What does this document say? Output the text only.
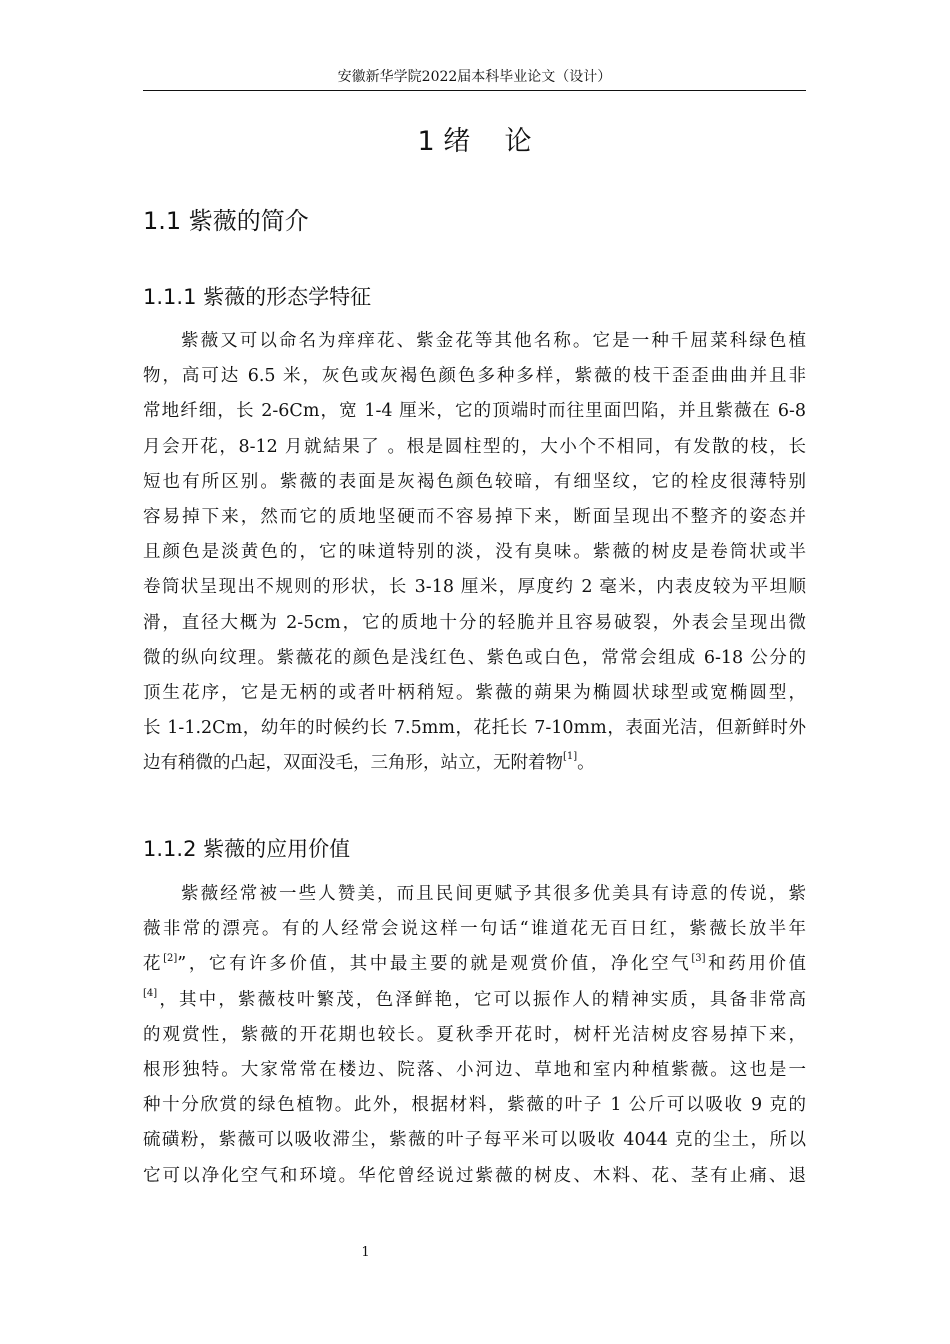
安徽新华学院2022届本科毕业论文（设计）
1 绪    论
1.1 紫薇的简介
1.1.1 紫薇的形态学特征
紫薇又可以命名为痒痒花、紫金花等其他名称。它是一种千屈菜科绿色植
物，高可达 6.5 米，灰色或灰褐色颜色多种多样，紫薇的枝干歪歪曲曲并且非
常地纤细，长 2-6Cm，宽 1-4 厘米，它的顶端时而往里面凹陷，并且紫薇在 6-8
月会开花，8-12 月就結果了 。根是圆柱型的，大小个不相同，有发散的枝，长
短也有所区别。紫薇的表面是灰褐色颜色较暗，有细坚纹，它的栓皮很薄特别
容易掉下来，然而它的质地坚硬而不容易掉下来，断面呈现出不整齐的姿态并
且颜色是淡黄色的，它的味道特别的淡，没有臭味。紫薇的树皮是卷筒状或半
卷筒状呈现出不规则的形状，长 3-18 厘米，厚度约 2 毫米，内表皮较为平坦顺
滑，直径大概为 2-5cm，它的质地十分的轻脆并且容易破裂，外表会呈现出微
微的纵向纹理。紫薇花的颜色是浅红色、紫色或白色，常常会组成 6-18 公分的
顶生花序，它是无柄的或者叶柄稍短。紫薇的蒴果为椭圆状球型或宽椭圆型，
长 1-1.2Cm，幼年的时候约长 7.5mm，花托长 7-10mm，表面光洁，但新鲜时外
边有稍微的凸起，双面没毛，三角形，站立，无附着物[1]。
1.1.2 紫薇的应用价值
紫薇经常被一些人赞美，而且民间更赋予其很多优美具有诗意的传说，紫
薇非常的漂亮。有的人经常会说这样一句话“谁道花无百日红，紫薇长放半年
花[2]”，它有许多价值，其中最主要的就是观赏价值，净化空气[3]和药用价值
[4]，其中，紫薇枝叶繁茂，色泽鲜艳，它可以振作人的精神实质，具备非常高
的观赏性，紫薇的开花期也较长。夏秋季开花时，树杆光洁树皮容易掉下来，
根形独特。大家常常在楼边、院落、小河边、草地和室内种植紫薇。这也是一
种十分欣赏的绿色植物。此外，根据材料，紫薇的叶子 1 公斤可以吸收 9 克的
硫磺粉，紫薇可以吸收滞尘，紫薇的叶子每平米可以吸收 4044 克的尘土，所以
它可以净化空气和环境。华佗曾经说过紫薇的树皮、木料、花、茎有止痛、退
1
